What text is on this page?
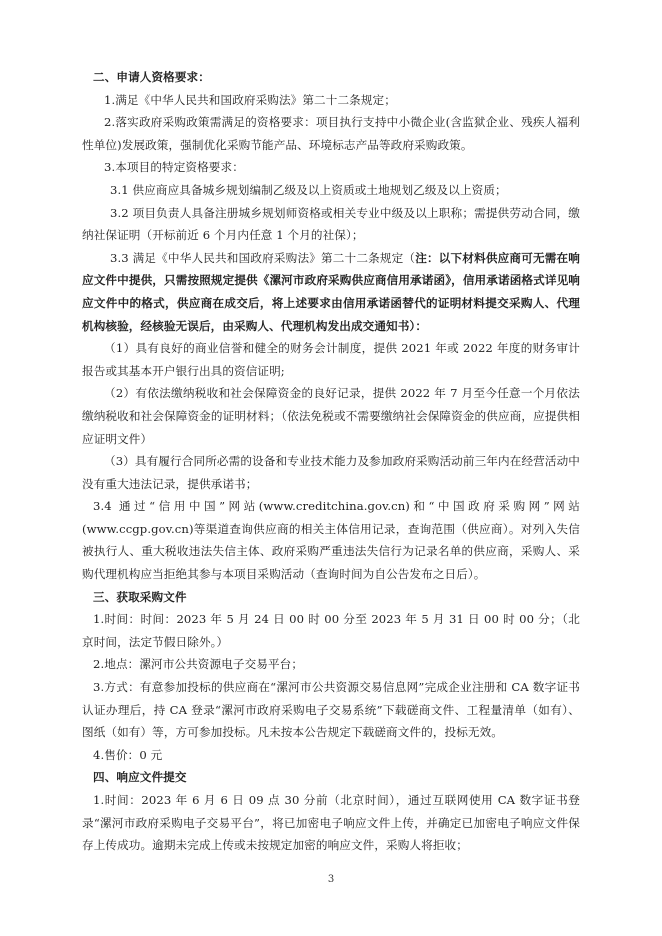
二、申请人资格要求：

1.满足《中华人民共和国政府采购法》第二十二条规定；

2.落实政府采购政策需满足的资格要求：项目执行支持中小微企业(含监狱企业、残疾人福利性单位)发展政策，强制优化采购节能产品、环境标志产品等政府采购政策。

3.本项目的特定资格要求：

3.1 供应商应具备城乡规划编制乙级及以上资质或土地规划乙级及以上资质；

3.2 项目负责人具备注册城乡规划师资格或相关专业中级及以上职称；需提供劳动合同，缴纳社保证明（开标前近 6 个月内任意 1 个月的社保）；

3.3 满足《中华人民共和国政府采购法》第二十二条规定（注：以下材料供应商可无需在响应文件中提供，只需按照规定提供《漯河市政府采购供应商信用承诺函》，信用承诺函格式详见响应文件中的格式，供应商在成交后，将上述要求由信用承诺函替代的证明材料提交采购人、代理机构核验，经核验无误后，由采购人、代理机构发出成交通知书）：

（1）具有良好的商业信誉和健全的财务会计制度，提供 2021 年或 2022 年度的财务审计报告或其基本开户银行出具的资信证明;

（2）有依法缴纳税收和社会保障资金的良好记录，提供 2022 年 7 月至今任意一个月依法缴纳税收和社会保障资金的证明材料；（依法免税或不需要缴纳社会保障资金的供应商，应提供相应证明文件）

（3）具有履行合同所必需的设备和专业技术能力及参加政府采购活动前三年内在经营活动中没有重大违法记录，提供承诺书；

3.4 通过“信用中国”网站(www.creditchina.gov.cn)和“中国政府采购网”网站(www.ccgp.gov.cn)等渠道查询供应商的相关主体信用记录，查询范围（供应商）。对列入失信被执行人、重大税收违法失信主体、政府采购严重违法失信行为记录名单的供应商，采购人、采购代理机构应当拒绝其参与本项目采购活动（查询时间为自公告发布之日后）。

三、获取采购文件

1.时间：时间：2023 年 5 月 24 日 00 时 00 分至 2023 年 5 月 31 日 00 时 00 分；（北京时间，法定节假日除外。）

2.地点：漯河市公共资源电子交易平台；

3.方式：有意参加投标的供应商在“漯河市公共资源交易信息网”完成企业注册和 CA 数字证书认证办理后，持 CA 登录“漯河市政府采购电子交易系统”下载磋商文件、工程量清单（如有）、图纸（如有）等，方可参加投标。凡未按本公告规定下载磋商文件的，投标无效。

4.售价：0 元

四、响应文件提交

1.时间：2023 年 6 月 6 日 09 点 30 分前（北京时间），通过互联网使用 CA 数字证书登录“漯河市政府采购电子交易平台”，将已加密电子响应文件上传，并确定已加密电子响应文件保存上传成功。逾期未完成上传或未按规定加密的响应文件，采购人将拒收；

3
